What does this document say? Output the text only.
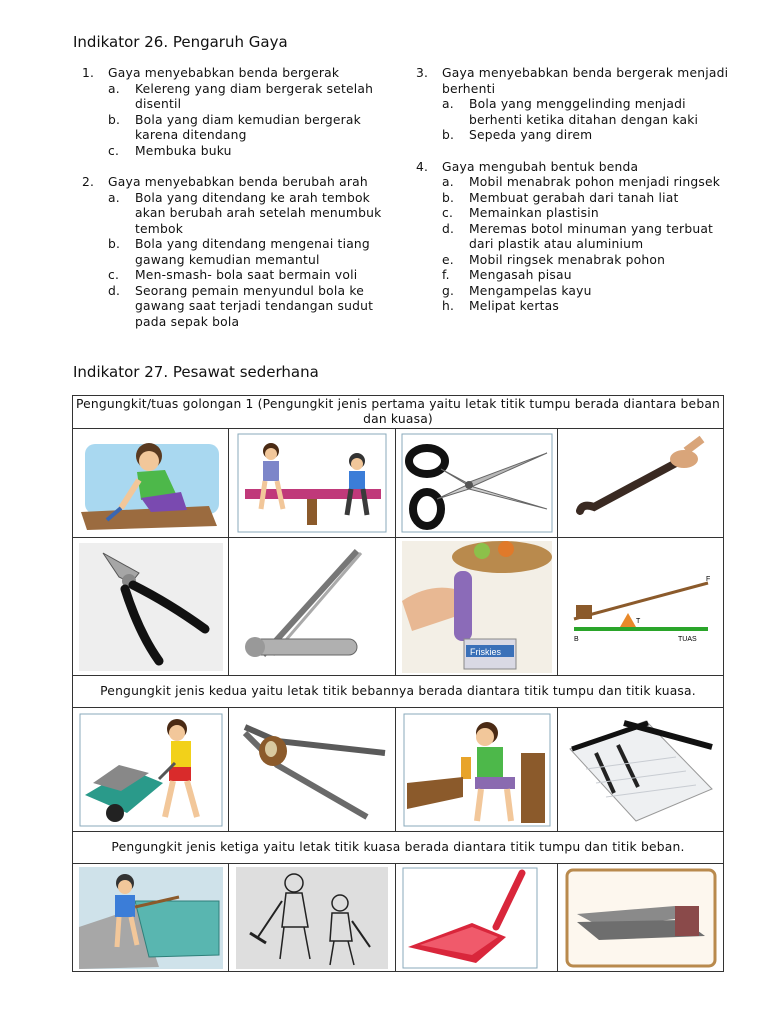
Indikator 26. Pengaruh Gaya
1.	Gaya menyebabkan benda bergerak
a.	Kelereng yang diam bergerak setelah disentil
b.	Bola yang diam kemudian bergerak karena ditendang
c.	Membuka buku
2.	Gaya menyebabkan benda berubah arah
a.	Bola yang ditendang ke arah tembok akan berubah arah setelah menumbuk tembok
b.	Bola yang ditendang mengenai tiang gawang kemudian memantul
c.	Men-smash- bola saat bermain voli
d.	Seorang pemain menyundul bola ke gawang saat terjadi tendangan sudut pada sepak bola
3.	Gaya menyebabkan benda bergerak menjadi berhenti
a.	Bola yang menggelinding menjadi berhenti ketika ditahan dengan kaki
b.	Sepeda yang direm
4.	Gaya mengubah bentuk benda
a.	Mobil menabrak pohon menjadi ringsek
b.	Membuat gerabah dari tanah liat
c.	Memainkan plastisin
d.	Meremas botol minuman yang terbuat dari plastik atau aluminium
e.	Mobil ringsek menabrak pohon
f.	Mengasah pisau
g.	Mengampelas kayu
h.	Melipat kertas
Indikator 27. Pesawat sederhana
Pengungkit/tuas golongan 1 (Pengungkit jenis pertama yaitu letak titik tumpu berada diantara beban dan kuasa)			

Friskies	F
T
B TUAS

Pengungkit jenis kedua yaitu letak titik bebannya berada diantara titik tumpu dan titik kuasa.			

Pengungkit jenis ketiga yaitu letak titik kuasa berada diantara titik tumpu dan titik beban.			
